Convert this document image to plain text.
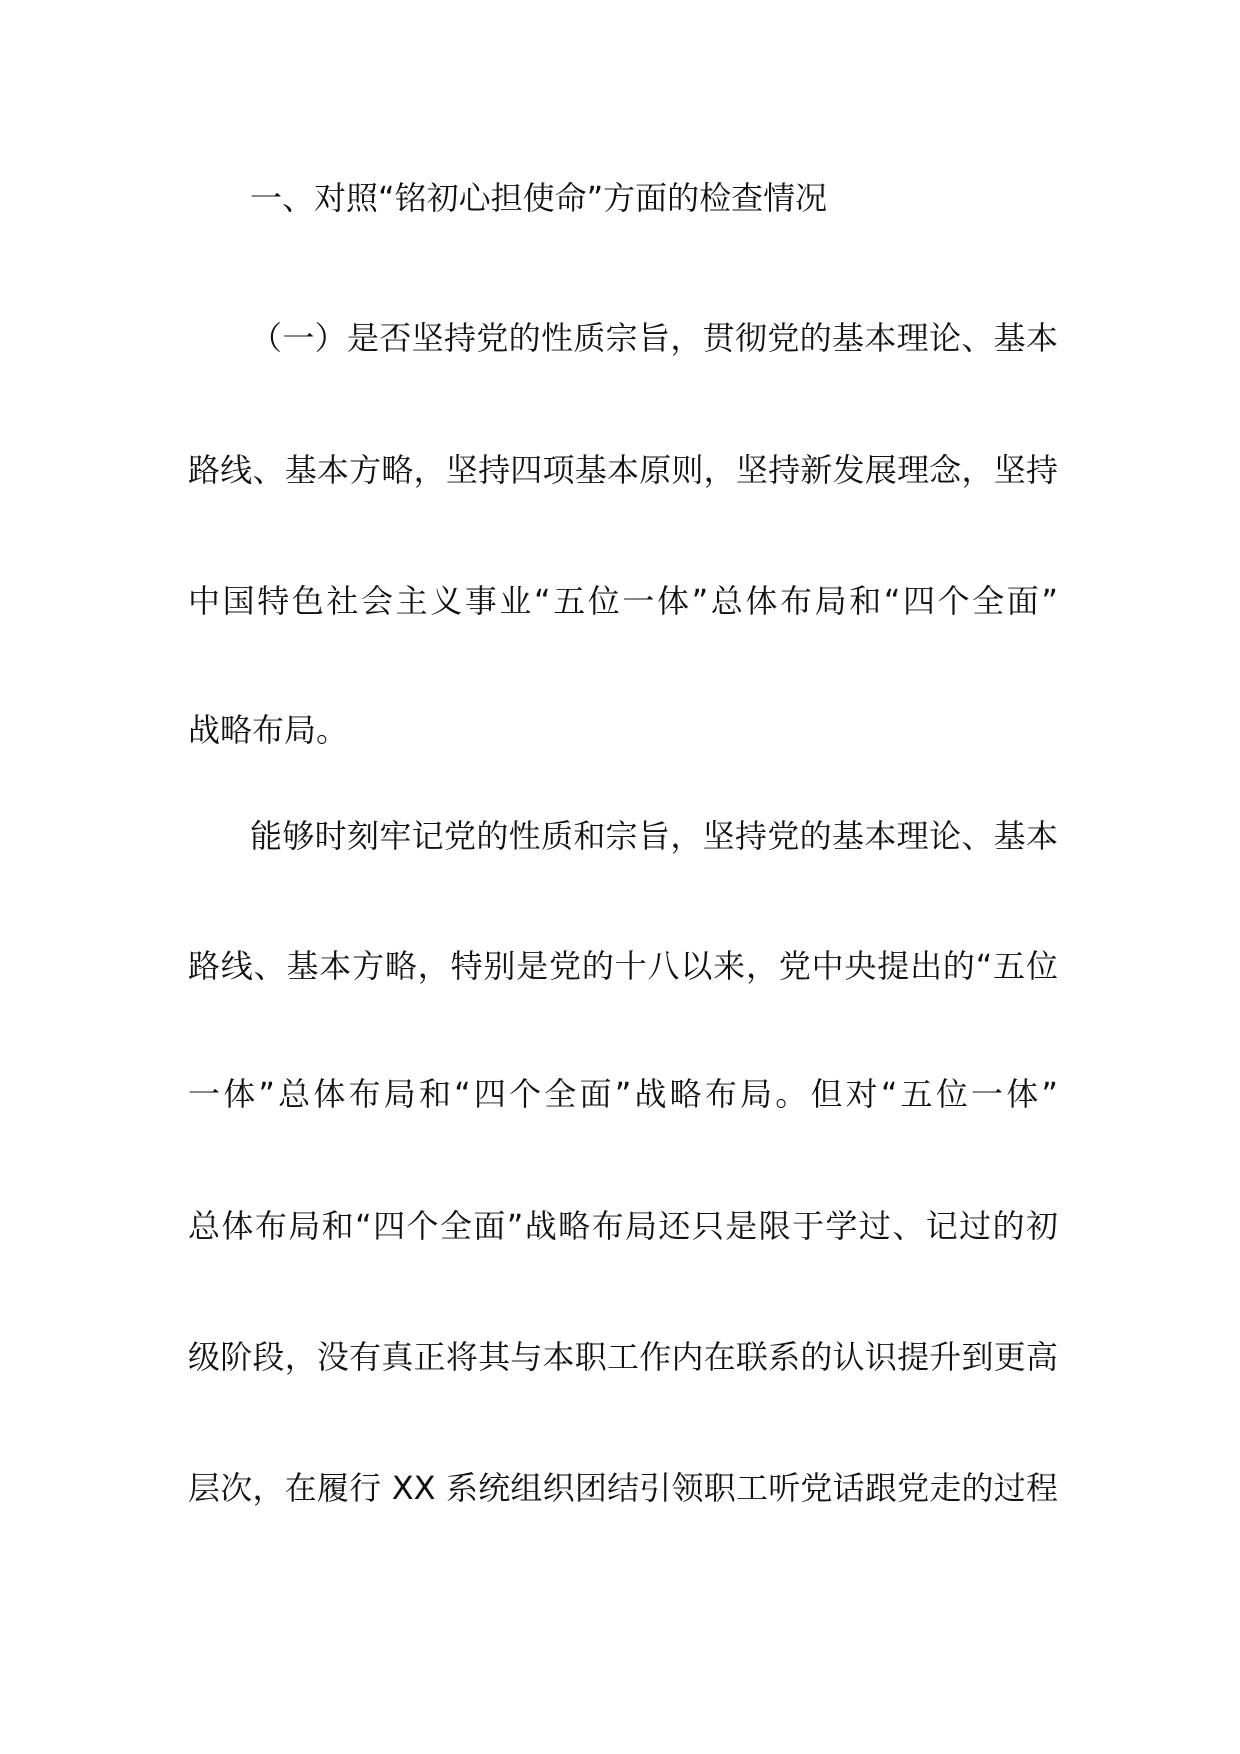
一、对照“铭初心担使命”方面的检查情况
（一）是否坚持党的性质宗旨，贯彻党的基本理论、基本
路线、基本方略，坚持四项基本原则，坚持新发展理念，坚持
中国特色社会主义事业“五位一体”总体布局和“四个全面”
战略布局。
能够时刻牢记党的性质和宗旨，坚持党的基本理论、基本
路线、基本方略，特别是党的十八以来，党中央提出的“五位
一体”总体布局和“四个全面”战略布局。但对“五位一体”
总体布局和“四个全面”战略布局还只是限于学过、记过的初
级阶段，没有真正将其与本职工作内在联系的认识提升到更高
层次，在履行 XX 系统组织团结引领职工听党话跟党走的过程
